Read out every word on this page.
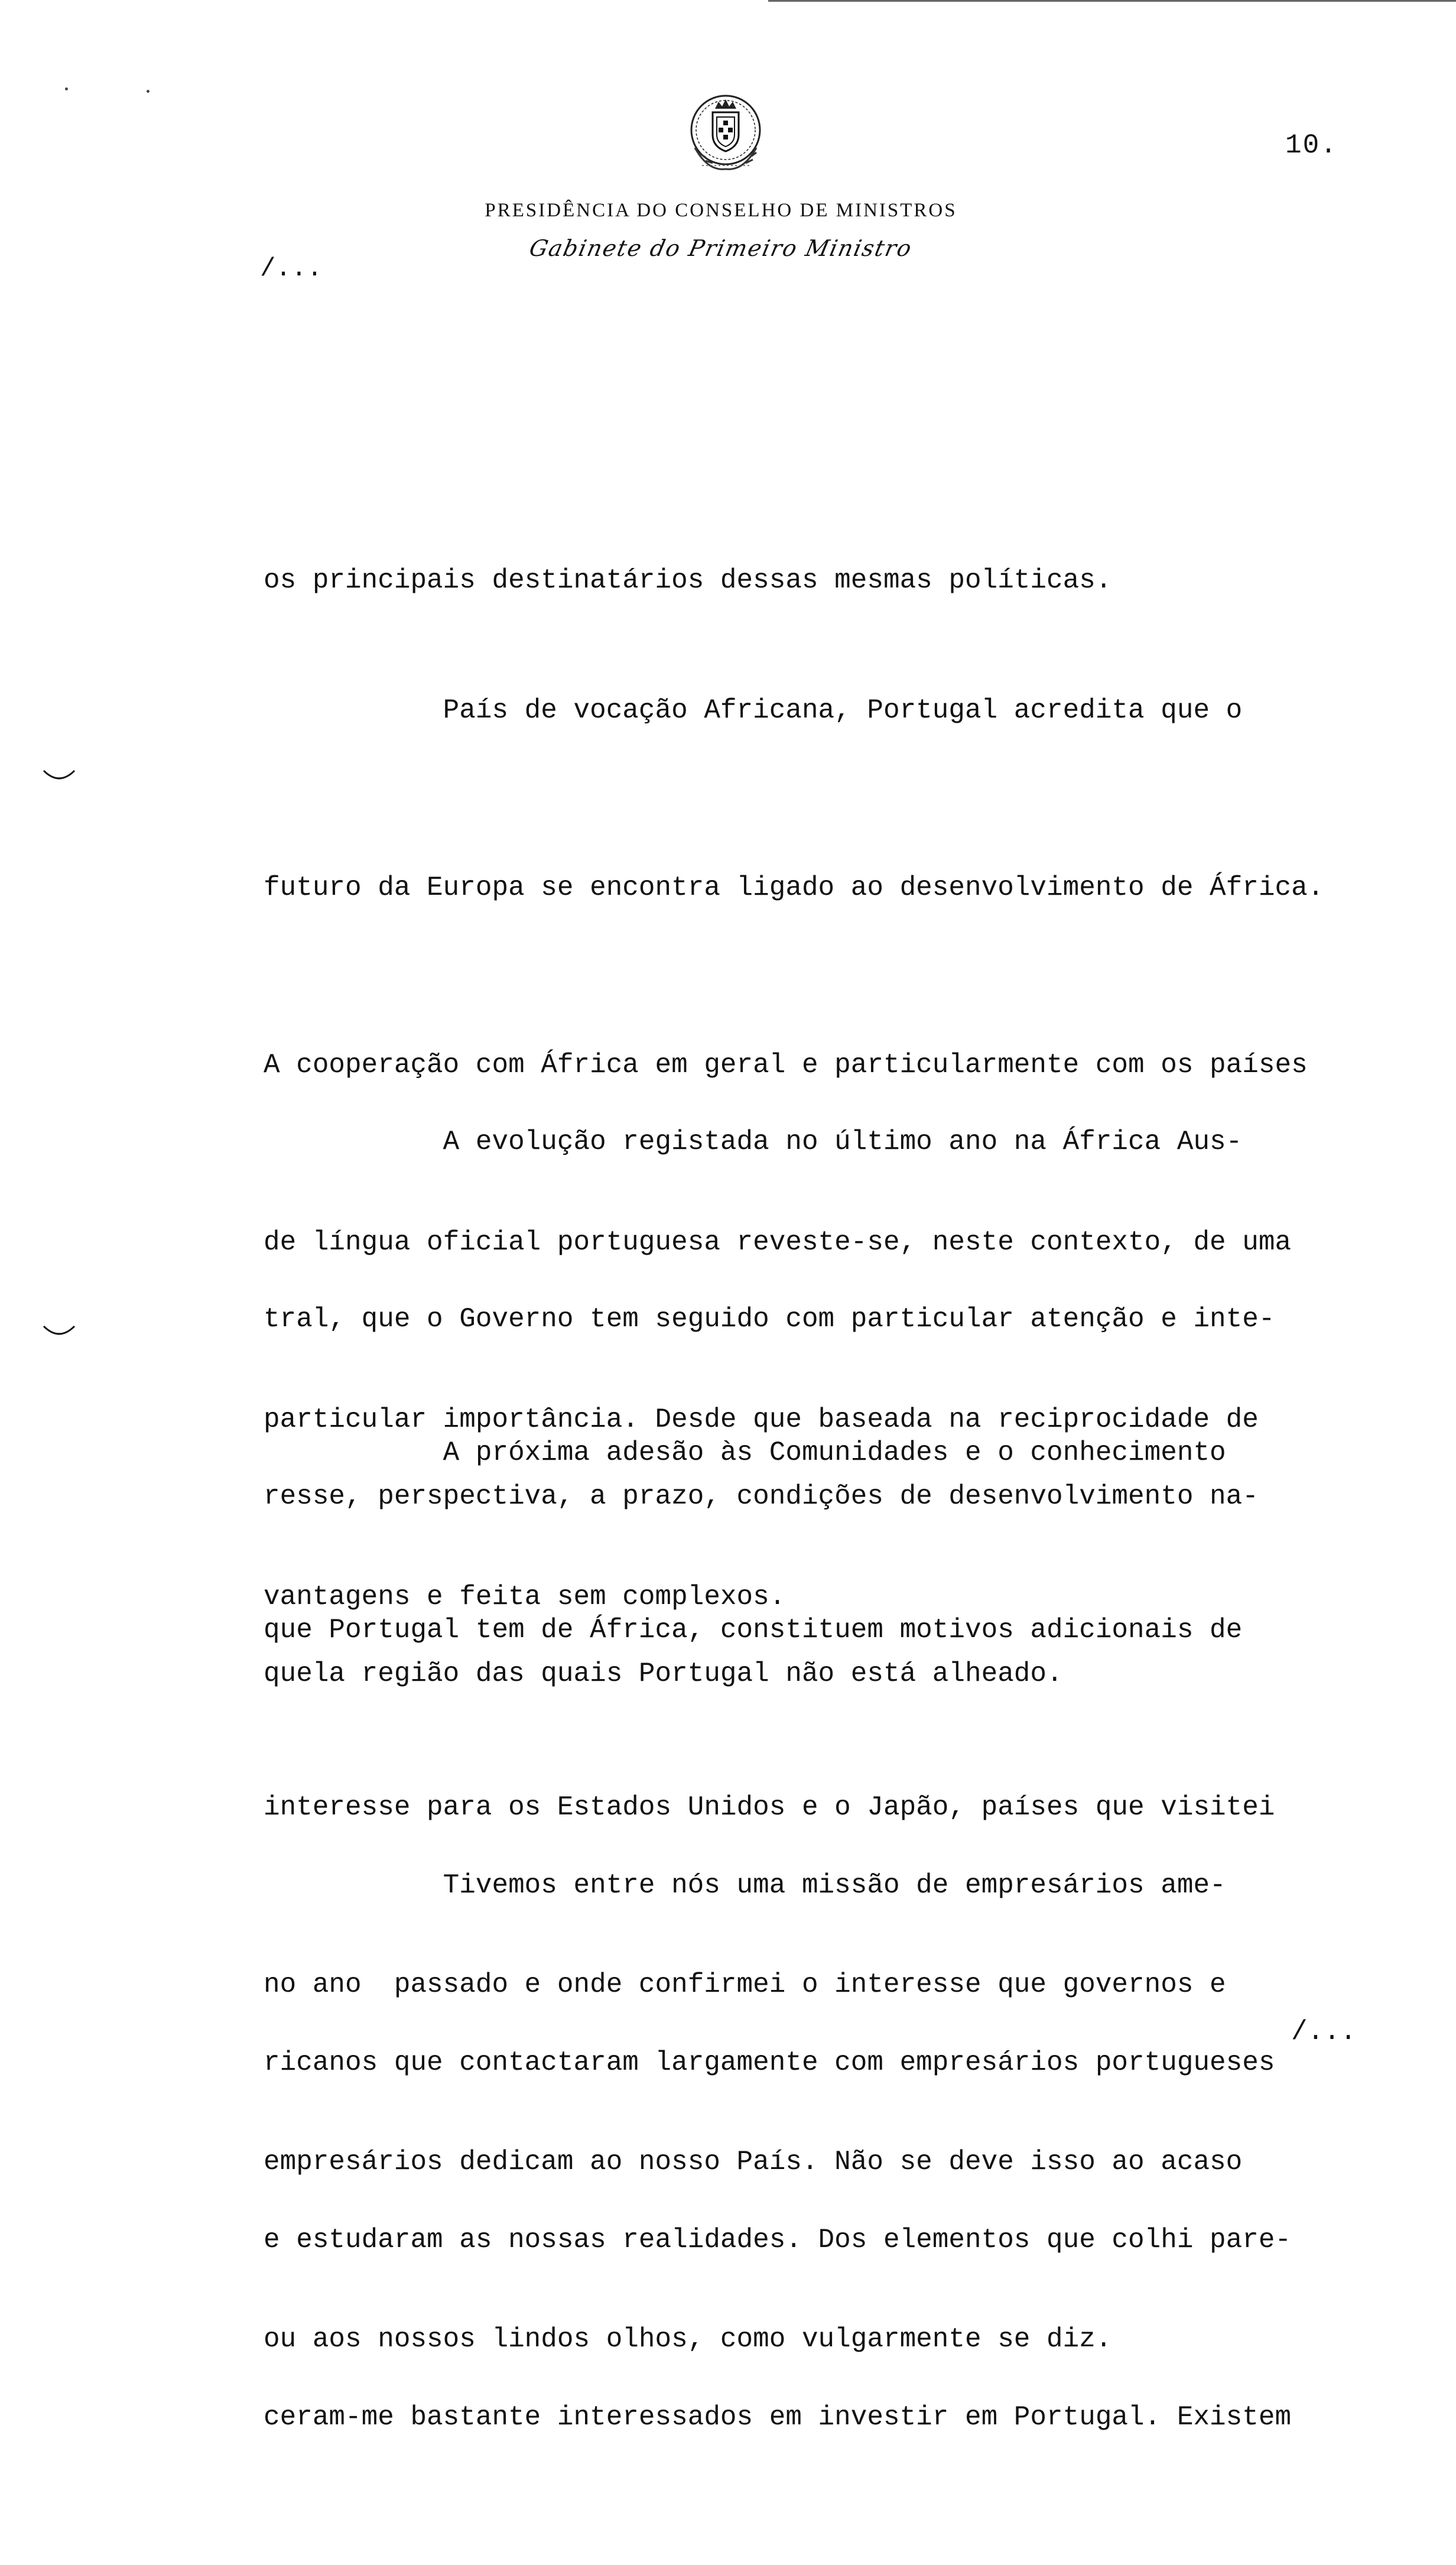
10.
PRESIDÊNCIA DO CONSELHO DE MINISTROS
Gabinete do Primeiro Ministro
/...

os principais destinatários dessas mesmas políticas.

País de vocação Africana, Portugal acredita que o

futuro da Europa se encontra ligado ao desenvolvimento de África.

A cooperação com África em geral e particularmente com os países

de língua oficial portuguesa reveste-se, neste contexto, de uma

particular importância. Desde que baseada na reciprocidade de

vantagens e feita sem complexos.

A evolução registada no último ano na África Aus-

tral, que o Governo tem seguido com particular atenção e inte-

resse, perspectiva, a prazo, condições de desenvolvimento na-

quela região das quais Portugal não está alheado.

A próxima adesão às Comunidades e o conhecimento

que Portugal tem de África, constituem motivos adicionais de

interesse para os Estados Unidos e o Japão, países que visitei

no ano  passado e onde confirmei o interesse que governos e

empresários dedicam ao nosso País. Não se deve isso ao acaso

ou aos nossos lindos olhos, como vulgarmente se diz.

Tivemos entre nós uma missão de empresários ame-

ricanos que contactaram largamente com empresários portugueses

e estudaram as nossas realidades. Dos elementos que colhi pare-

ceram-me bastante interessados em investir em Portugal. Existem

/...
